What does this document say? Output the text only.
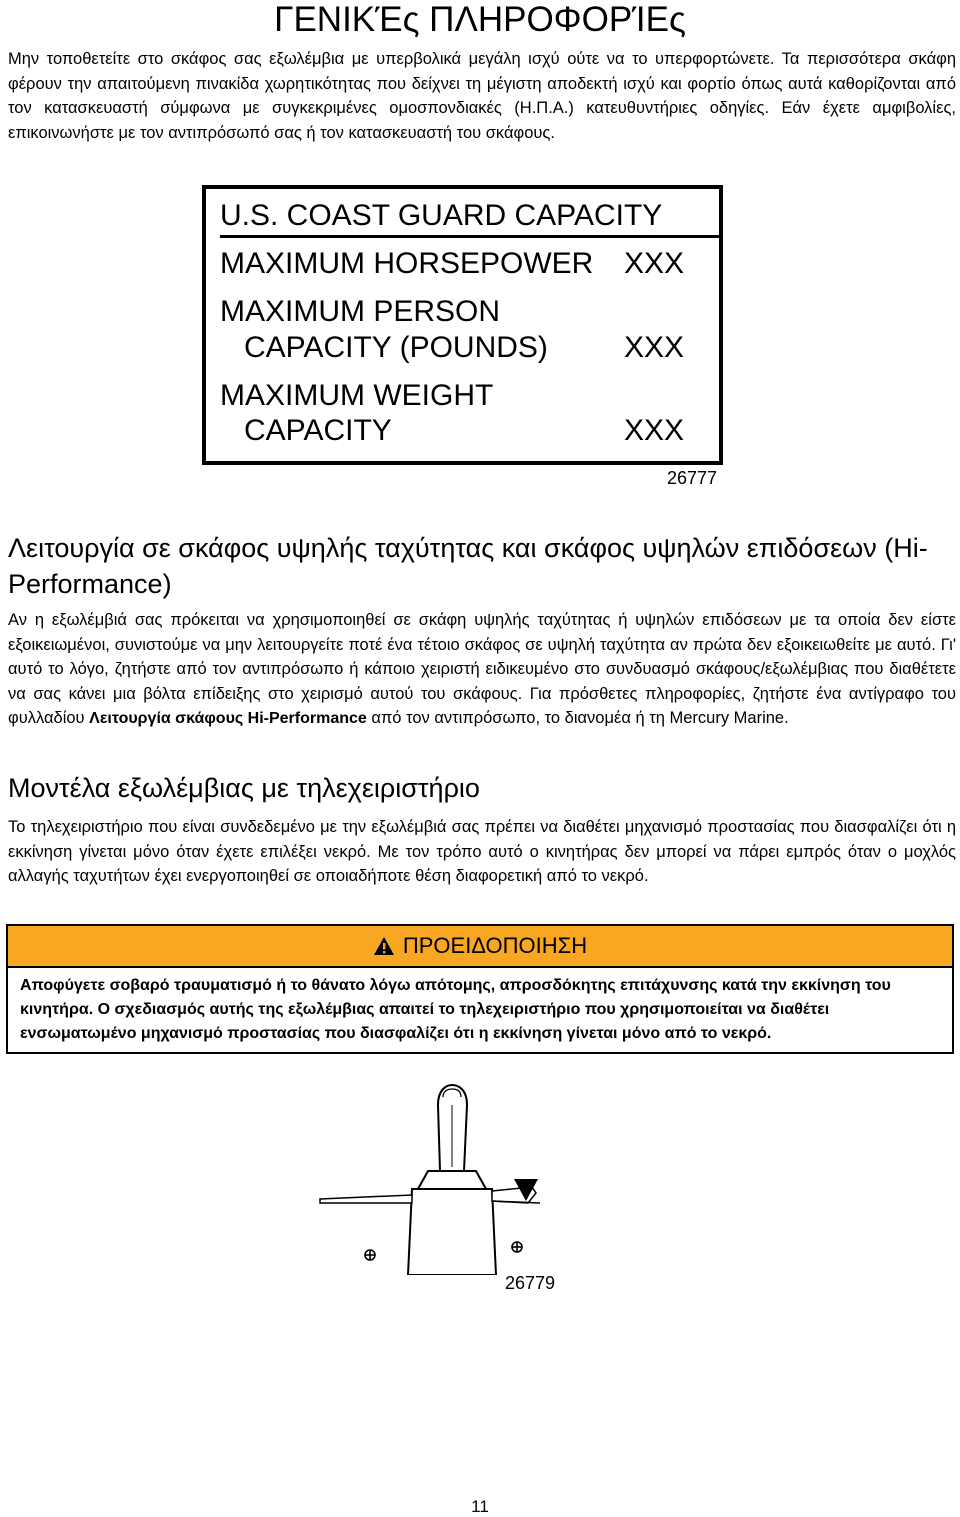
ΓΕΝΙΚΈς ΠΛΗΡΟΦΟΡΊΕς

Μην τοποθετείτε στο σκάφος σας εξωλέμβια με υπερβολικά μεγάλη ισχύ ούτε να το υπερφορτώνετε. Τα περισσότερα σκάφη φέρουν την απαιτούμενη πινακίδα χωρητικότητας που δείχνει τη μέγιστη αποδεκτή ισχύ και φορτίο όπως αυτά καθορίζονται από τον κατασκευαστή σύμφωνα με συγκεκριμένες ομοσπονδιακές (Η.Π.Α.) κατευθυντήριες οδηγίες. Εάν έχετε αμφιβολίες, επικοινωνήστε με τον αντιπρόσωπό σας ή τον κατασκευαστή του σκάφους.

U.S. COAST GUARD CAPACITY
MAXIMUM HORSEPOWER XXX
MAXIMUM PERSON
CAPACITY (POUNDS)	XXX
MAXIMUM WEIGHT
CAPACITY	XXX
26777
Λειτουργία σε σκάφος υψηλής ταχύτητας και σκάφος υψηλών επιδόσεων (Hi-Performance)

Αν η εξωλέμβιά σας πρόκειται να χρησιμοποιηθεί σε σκάφη υψηλής ταχύτητας ή υψηλών επιδόσεων με τα οποία δεν είστε εξοικειωμένοι, συνιστούμε να μην λειτουργείτε ποτέ ένα τέτοιο σκάφος σε υψηλή ταχύτητα αν πρώτα δεν εξοικειωθείτε με αυτό. Γι' αυτό το λόγο, ζητήστε από τον αντιπρόσωπο ή κάποιο χειριστή ειδικευμένο στο συνδυασμό σκάφους/εξωλέμβιας που διαθέτετε να σας κάνει μια βόλτα επίδειξης στο χειρισμό αυτού του σκάφους. Για πρόσθετες πληροφορίες, ζητήστε ένα αντίγραφο του φυλλαδίου Λειτουργία σκάφους Hi-Performance από τον αντιπρόσωπο, το διανομέα ή τη Mercury Marine.

Μοντέλα εξωλέμβιας με τηλεχειριστήριο

Το τηλεχειριστήριο που είναι συνδεδεμένο με την εξωλέμβιά σας πρέπει να διαθέτει μηχανισμό προστασίας που διασφαλίζει ότι η εκκίνηση γίνεται μόνο όταν έχετε επιλέξει νεκρό. Με τον τρόπο αυτό ο κινητήρας δεν μπορεί να πάρει εμπρός όταν ο μοχλός αλλαγής ταχυτήτων έχει ενεργοποιηθεί σε οποιαδήποτε θέση διαφορετική από το νεκρό.

ΠΡΟΕΙΔΟΠΟΙΗΣΗ
Αποφύγετε σοβαρό τραυματισμό ή το θάνατο λόγω απότομης, απροσδόκητης επιτάχυνσης κατά την εκκίνηση του κινητήρα. Ο σχεδιασμός αυτής της εξωλέμβιας απαιτεί το τηλεχειριστήριο που χρησιμοποιείται να διαθέτει ενσωματωμένο μηχανισμό προστασίας που διασφαλίζει ότι η εκκίνηση γίνεται μόνο από το νεκρό.
26779
11
